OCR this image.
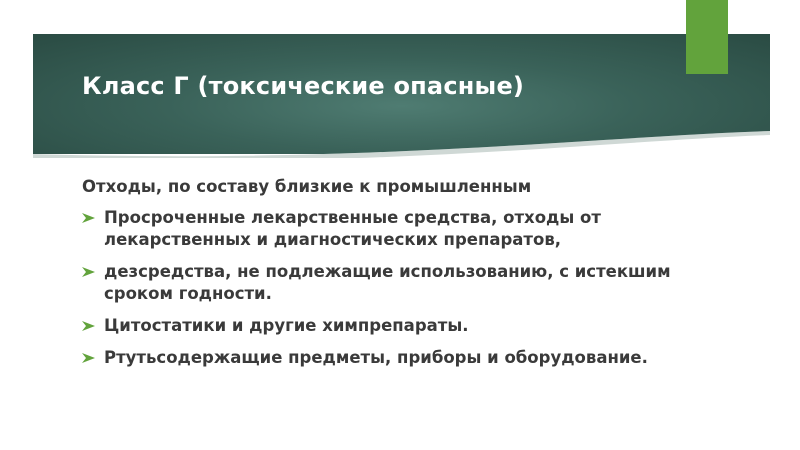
Класс Г (токсические опасные)

Отходы, по составу близкие к промышленным

Просроченные лекарственные средства, отходы от лекарственных и диагностических препаратов,
дезсредства, не подлежащие использованию, с истекшим сроком годности.
Цитостатики и другие химпрепараты.
Ртутьсодержащие предметы, приборы и оборудование.
